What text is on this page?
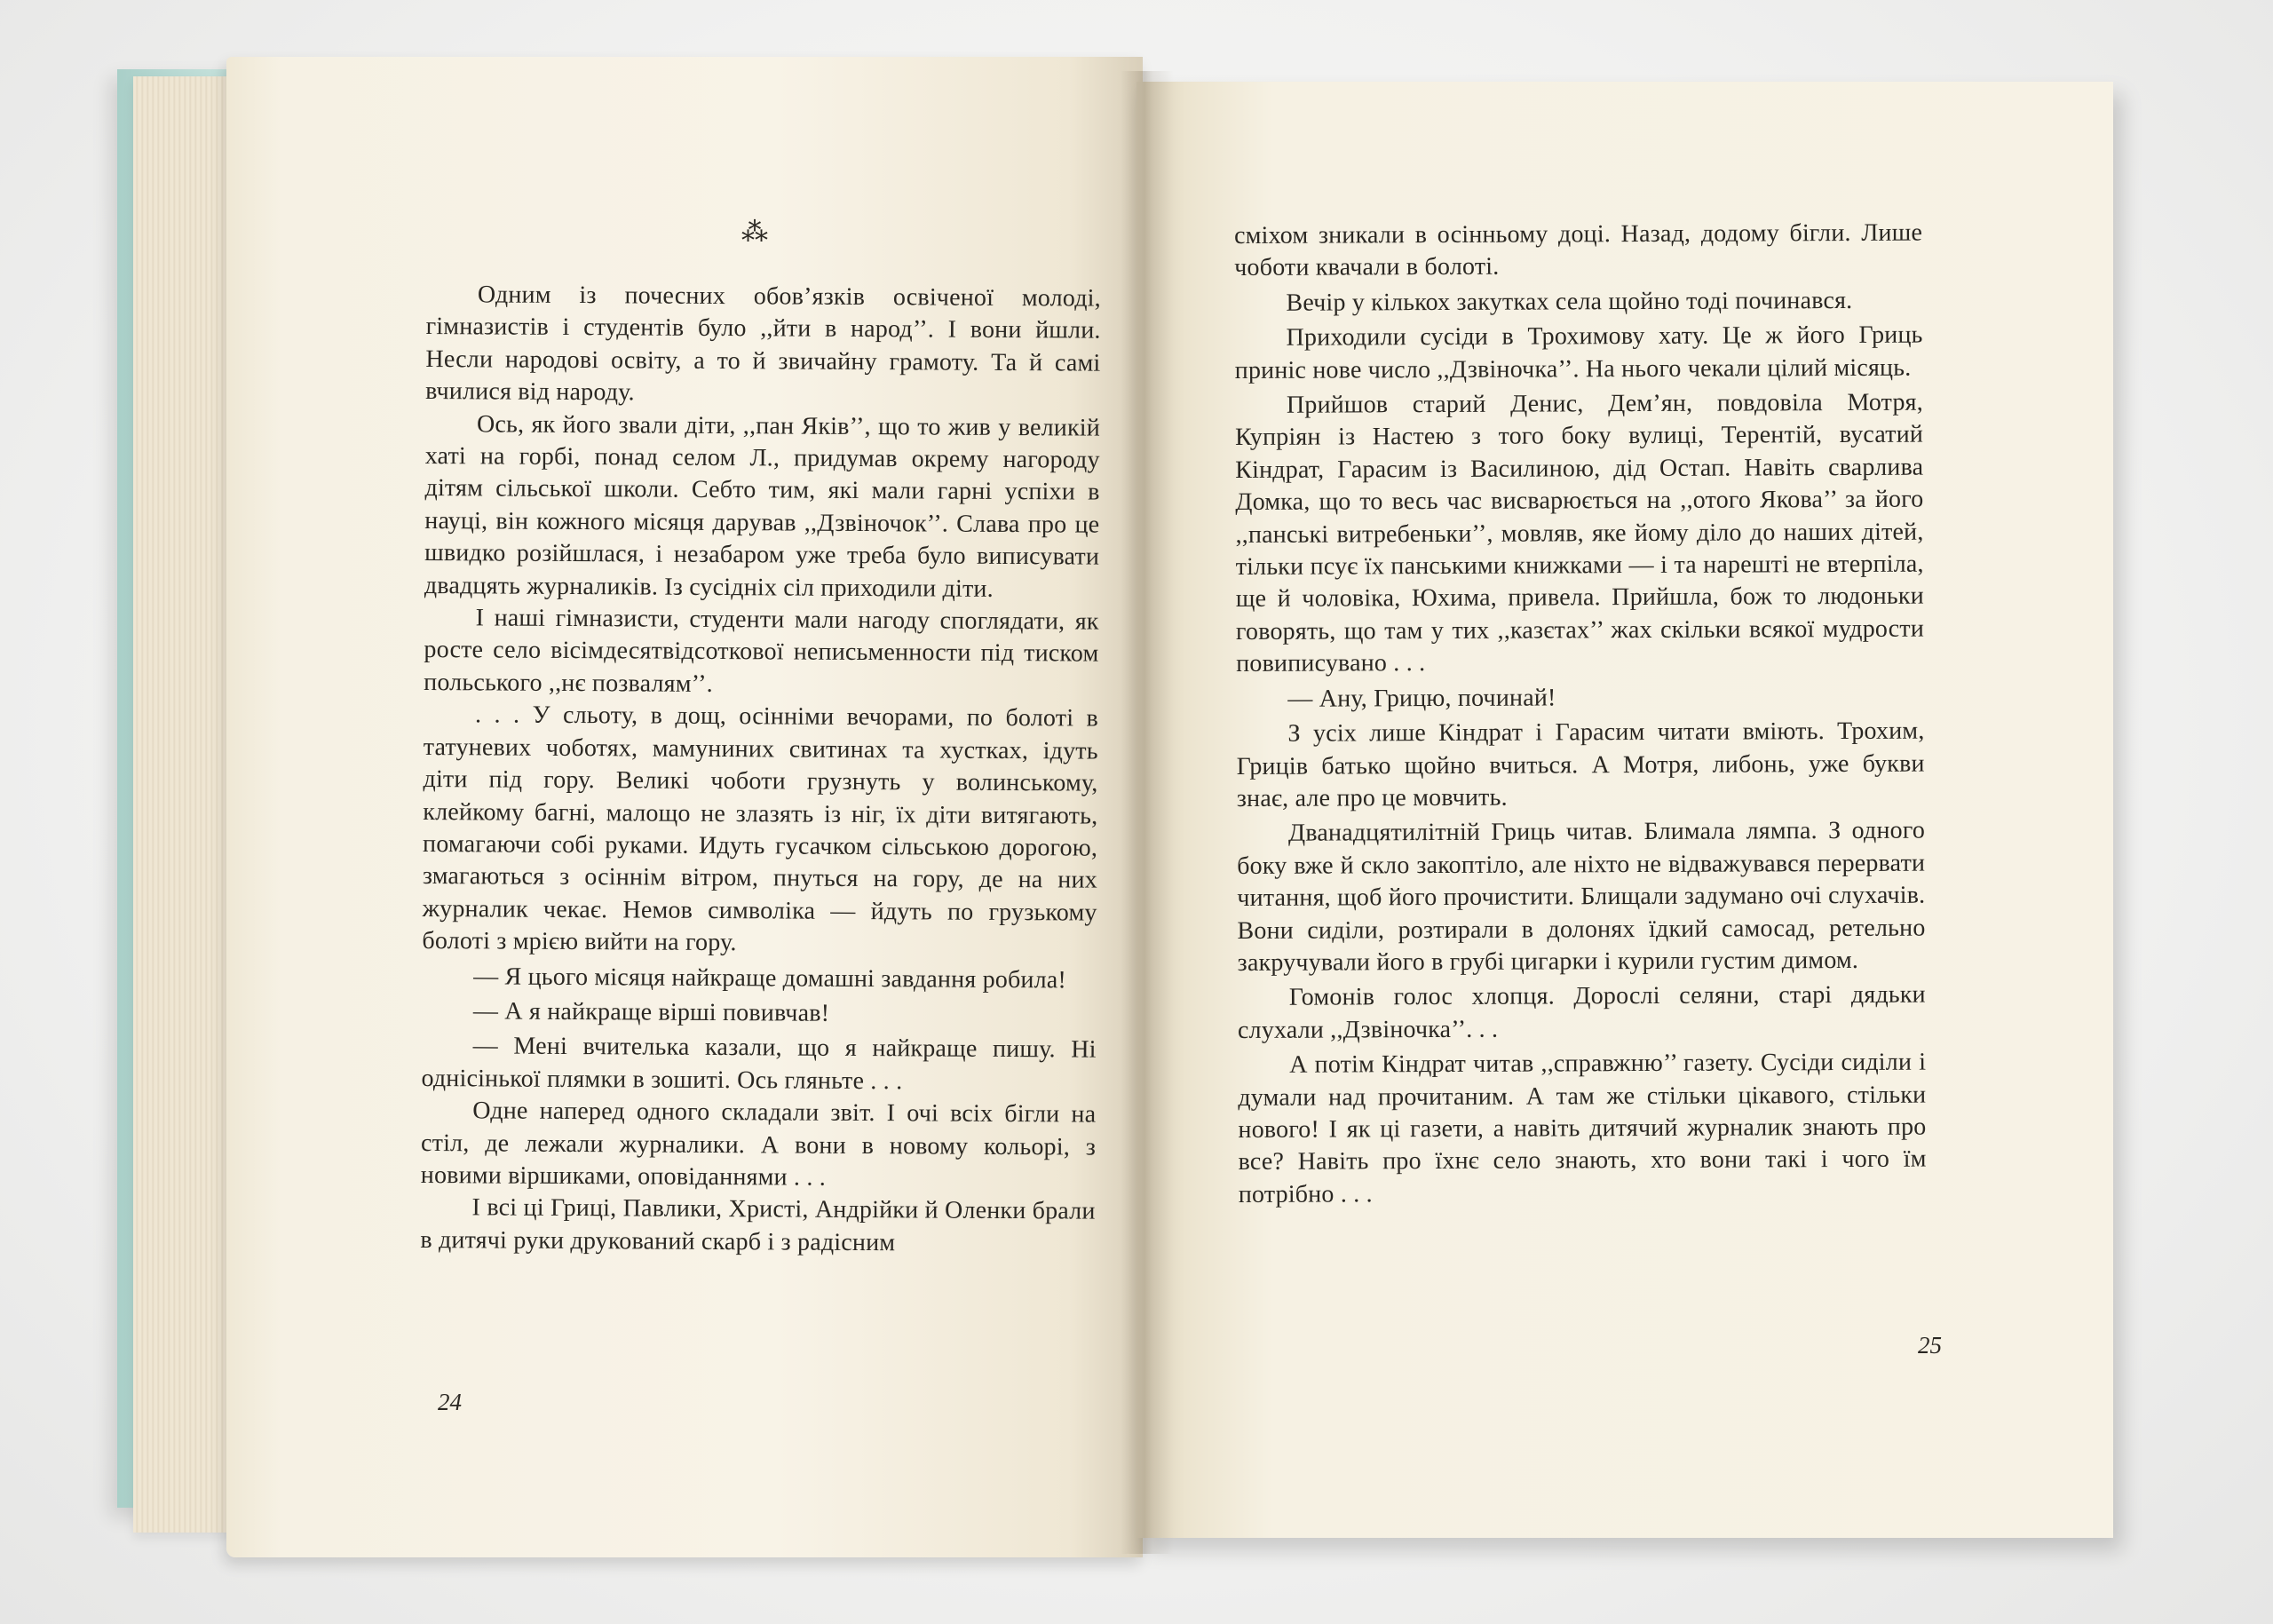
⁂

Одним із почесних обов’язків освіченої молоді, гімназистів і студентів було ,,йти в народ’’. І вони йшли. Несли народові освіту, а то й звичайну грамоту. Та й самі вчилися від народу.

Ось, як його звали діти, ,,пан Яків’’, що то жив у великій хаті на горбі, понад селом Л., придумав окрему нагороду дітям сільської школи. Себто тим, які мали гарні успіхи в науці, він кожного місяця дарував ,,Дзвіночок’’. Слава про це швидко розійшлася, і незабаром уже треба було виписувати двадцять журналиків. Із сусідніх сіл приходили діти.

І наші гімназисти, студенти мали нагоду споглядати, як росте село вісімдесятвідсоткової неписьменности під тиском польського ,,нє позвалям’’.

. . . У сльоту, в дощ, осінніми вечорами, по болоті в татуневих чоботях, мамуниних свитинах та хустках, ідуть діти під гору. Великі чоботи грузнуть у волинському, клейкому багні, малощо не злазять із ніг, їх діти витягають, помагаючи собі руками. Идуть гусачком сільською дорогою, змагаються з осіннім вітром, пнуться на гору, де на них журналик чекає. Немов символіка — йдуть по грузькому болоті з мрією вийти на гору.

— Я цього місяця найкраще домашні завдання робила!

— А я найкраще вірші повивчав!

— Мені вчителька казали, що я найкраще пишу. Ні однісінької плямки в зошиті. Ось гляньте . . .

Одне наперед одного складали звіт. І очі всіх бігли на стіл, де лежали журналики. А вони в новому кольорі, з новими віршиками, оповіданнями . . .

І всі ці Гриці, Павлики, Христі, Андрійки й Оленки брали в дитячі руки друкований скарб і з радісним

24

сміхом зникали в осінньому доці. Назад, додому бігли. Лише чоботи квачали в болоті.

Вечір у кількох закутках села щойно тоді починався.

Приходили сусіди в Трохимову хату. Це ж його Гриць приніс нове число ,,Дзвіночка’’. На нього чекали цілий місяць.

Прийшов старий Денис, Дем’ян, повдовіла Мотря, Купріян із Настею з того боку вулиці, Терентій, вусатий Кіндрат, Гарасим із Василиною, дід Остап. Навіть сварлива Домка, що то весь час висварюється на ,,отого Якова’’ за його ,,панські витребеньки’’, мовляв, яке йому діло до наших дітей, тільки псує їх панськими книжками — і та нарешті не втерпіла, ще й чоловіка, Юхима, привела. Прийшла, бож то людоньки говорять, що там у тих ,,казєтах’’ жах скільки всякої мудрости повиписувано . . .

— Ану, Грицю, починай!

З усіх лише Кіндрат і Гарасим читати вміють. Трохим, Гриців батько щойно вчиться. А Мотря, либонь, уже букви знає, але про це мовчить.

Дванадцятилітній Гриць читав. Блимала лямпа. З одного боку вже й скло закоптіло, але ніхто не відважувався перервати читання, щоб його прочистити. Блищали задумано очі слухачів. Вони сиділи, розтирали в долонях їдкий самосад, ретельно закручували його в грубі цигарки і курили густим димом.

Гомонів голос хлопця. Дорослі селяни, старі дядьки слухали ,,Дзвіночка’’. . .

А потім Кіндрат читав ,,справжню’’ газету. Сусіди сиділи і думали над прочитаним. А там же стільки цікавого, стільки нового! І як ці газети, а навіть дитячий журналик знають про все? Навіть про їхнє село знають, хто вони такі і чого їм потрібно . . .

25
